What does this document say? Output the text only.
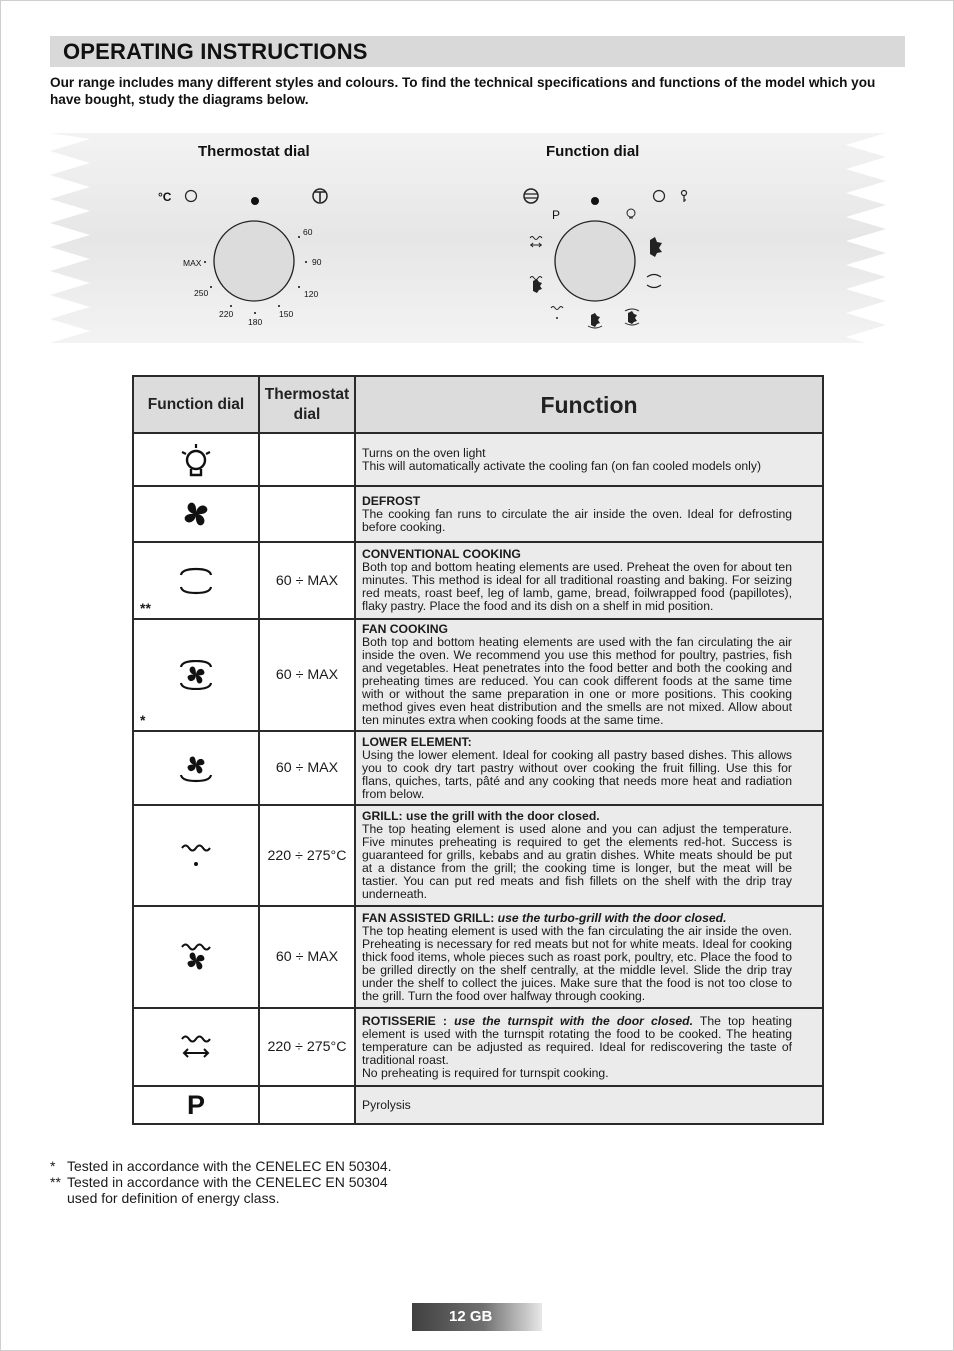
OPERATING INSTRUCTIONS
Our range includes many different styles and colours. To find the technical specifications and functions of the model which you have bought, study the diagrams below.
Thermostat dial	Function dial
°C
MAX
60
90
120
150
180
220
250
P
Function dial	Thermostat dial	Function

Turns on the oven light
This will automatically activate the cooling fan (on fan cooled models only)

DEFROST
The cooking fan runs to circulate the air inside the oven. Ideal for defrosting before cooking.

**	60 ÷ MAX	CONVENTIONAL COOKING
Both top and bottom heating elements are used. Preheat the oven for about ten minutes. This method is ideal for all traditional roasting and baking. For seizing red meats, roast beef, leg of lamb, game, bread, foilwrapped food (papillotes), flaky pastry. Place the food and its dish on a shelf in mid position.

*	60 ÷ MAX	FAN COOKING
Both top and bottom heating elements are used with the fan circulating the air inside the oven. We recommend you use this method for poultry, pastries, fish and vegetables. Heat penetrates into the food better and both the cooking and preheating times are reduced. You can cook different foods at the same time with or without the same preparation in one or more positions. This cooking method gives even heat distribution and the smells are not mixed. Allow about ten minutes extra when cooking foods at the same time.

	60 ÷ MAX	LOWER ELEMENT:
Using the lower element. Ideal for cooking all pastry based dishes. This allows you to cook dry tart pastry without over cooking the fruit filling. Use this for flans, quiches, tarts, pâté and any cooking that needs more heat and radiation from below.

	220 ÷ 275°C	GRILL: use the grill with the door closed.
The top heating element is used alone and you can adjust the temperature. Five minutes preheating is required to get the elements red-hot. Success is guaranteed for grills, kebabs and au gratin dishes. White meats should be put at a distance from the grill; the cooking time is longer, but the meat will be tastier. You can put red meats and fish fillets on the shelf with the drip tray underneath.

	60 ÷ MAX	FAN ASSISTED GRILL: use the turbo-grill with the door closed.
The top heating element is used with the fan circulating the air inside the oven. Preheating is necessary for red meats but not for white meats. Ideal for cooking thick food items, whole pieces such as roast pork, poultry, etc. Place the food to be grilled directly on the shelf centrally, at the middle level. Slide the drip tray under the shelf to collect the juices. Make sure that the food is not too close to the grill. Turn the food over halfway through cooking.

	220 ÷ 275°C	ROTISSERIE : use the turnspit with the door closed. The top heating element is used with the turnspit rotating the food to be cooked. The heating temperature can be adjusted as required. Ideal for rediscovering the taste of traditional roast.
No preheating is required for turnspit cooking.

P		Pyrolysis
* Tested in accordance with the CENELEC EN 50304.
** Tested in accordance with the CENELEC EN 50304
used for definition of energy class.
12 GB
